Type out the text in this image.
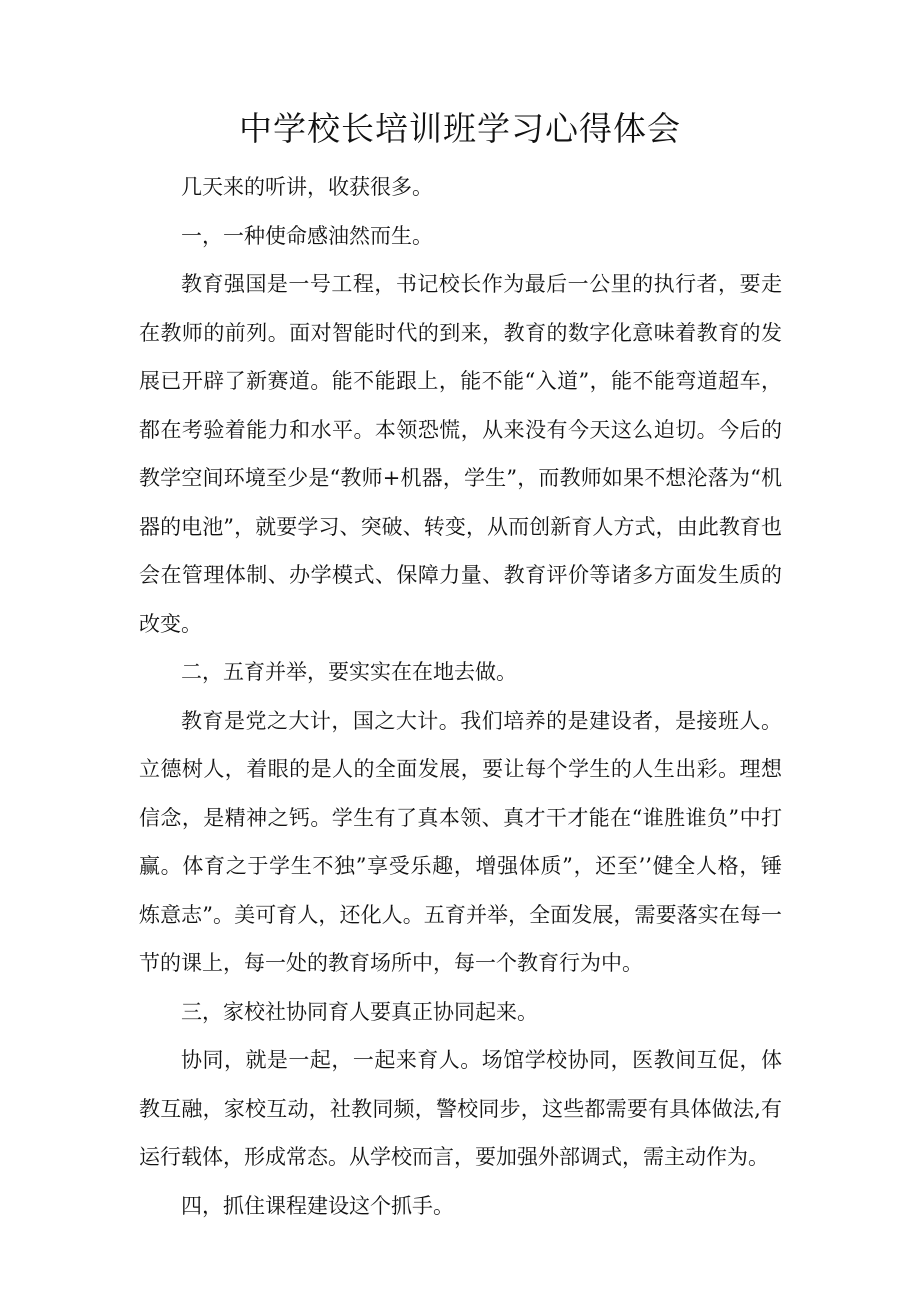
中学校长培训班学习心得体会

几天来的听讲，收获很多。

一，一种使命感油然而生。

教育强国是一号工程，书记校长作为最后一公里的执行者，要走在教师的前列。面对智能时代的到来，教育的数字化意味着教育的发展已开辟了新赛道。能不能跟上，能不能“入道”，能不能弯道超车，都在考验着能力和水平。本领恐慌，从来没有今天这么迫切。今后的教学空间环境至少是“教师+机器，学生”，而教师如果不想沦落为“机器的电池”，就要学习、突破、转变，从而创新育人方式，由此教育也会在管理体制、办学模式、保障力量、教育评价等诸多方面发生质的改变。

二，五育并举，要实实在在地去做。

教育是党之大计，国之大计。我们培养的是建设者，是接班人。立德树人，着眼的是人的全面发展，要让每个学生的人生出彩。理想信念，是精神之钙。学生有了真本领、真才干才能在“谁胜谁负”中打赢。体育之于学生不独”享受乐趣，增强体质”，还至’’健全人格，锤炼意志”。美可育人，还化人。五育并举，全面发展，需要落实在每一节的课上，每一处的教育场所中，每一个教育行为中。

三，家校社协同育人要真正协同起来。

协同，就是一起，一起来育人。场馆学校协同，医教间互促，体教互融，家校互动，社教同频，警校同步，这些都需要有具体做法,有运行载体，形成常态。从学校而言，要加强外部调式，需主动作为。

四，抓住课程建设这个抓手。
